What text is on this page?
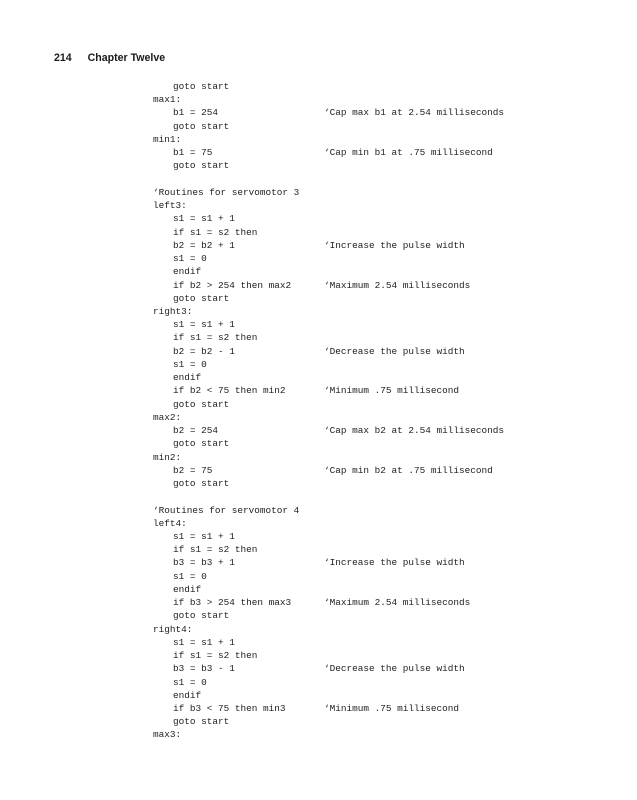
214 Chapter Twelve
goto start
max1:
b1 = 254	‘Cap max b1 at 2.54 milliseconds
goto start
min1:
b1 = 75	‘Cap min b1 at .75 millisecond
goto start
‘Routines for servomotor 3
left3:
s1 = s1 + 1
if s1 = s2 then
b2 = b2 + 1	‘Increase the pulse width
s1 = 0
endif
if b2 > 254 then max2	‘Maximum 2.54 milliseconds
goto start
right3:
s1 = s1 + 1
if s1 = s2 then
b2 = b2 - 1	‘Decrease the pulse width
s1 = 0
endif
if b2 < 75 then min2	‘Minimum .75 millisecond
goto start
max2:
b2 = 254	‘Cap max b2 at 2.54 milliseconds
goto start
min2:
b2 = 75	‘Cap min b2 at .75 millisecond
goto start
‘Routines for servomotor 4
left4:
s1 = s1 + 1
if s1 = s2 then
b3 = b3 + 1	‘Increase the pulse width
s1 = 0
endif
if b3 > 254 then max3	‘Maximum 2.54 milliseconds
goto start
right4:
s1 = s1 + 1
if s1 = s2 then
b3 = b3 - 1	‘Decrease the pulse width
s1 = 0
endif
if b3 < 75 then min3	‘Minimum .75 millisecond
goto start
max3:
